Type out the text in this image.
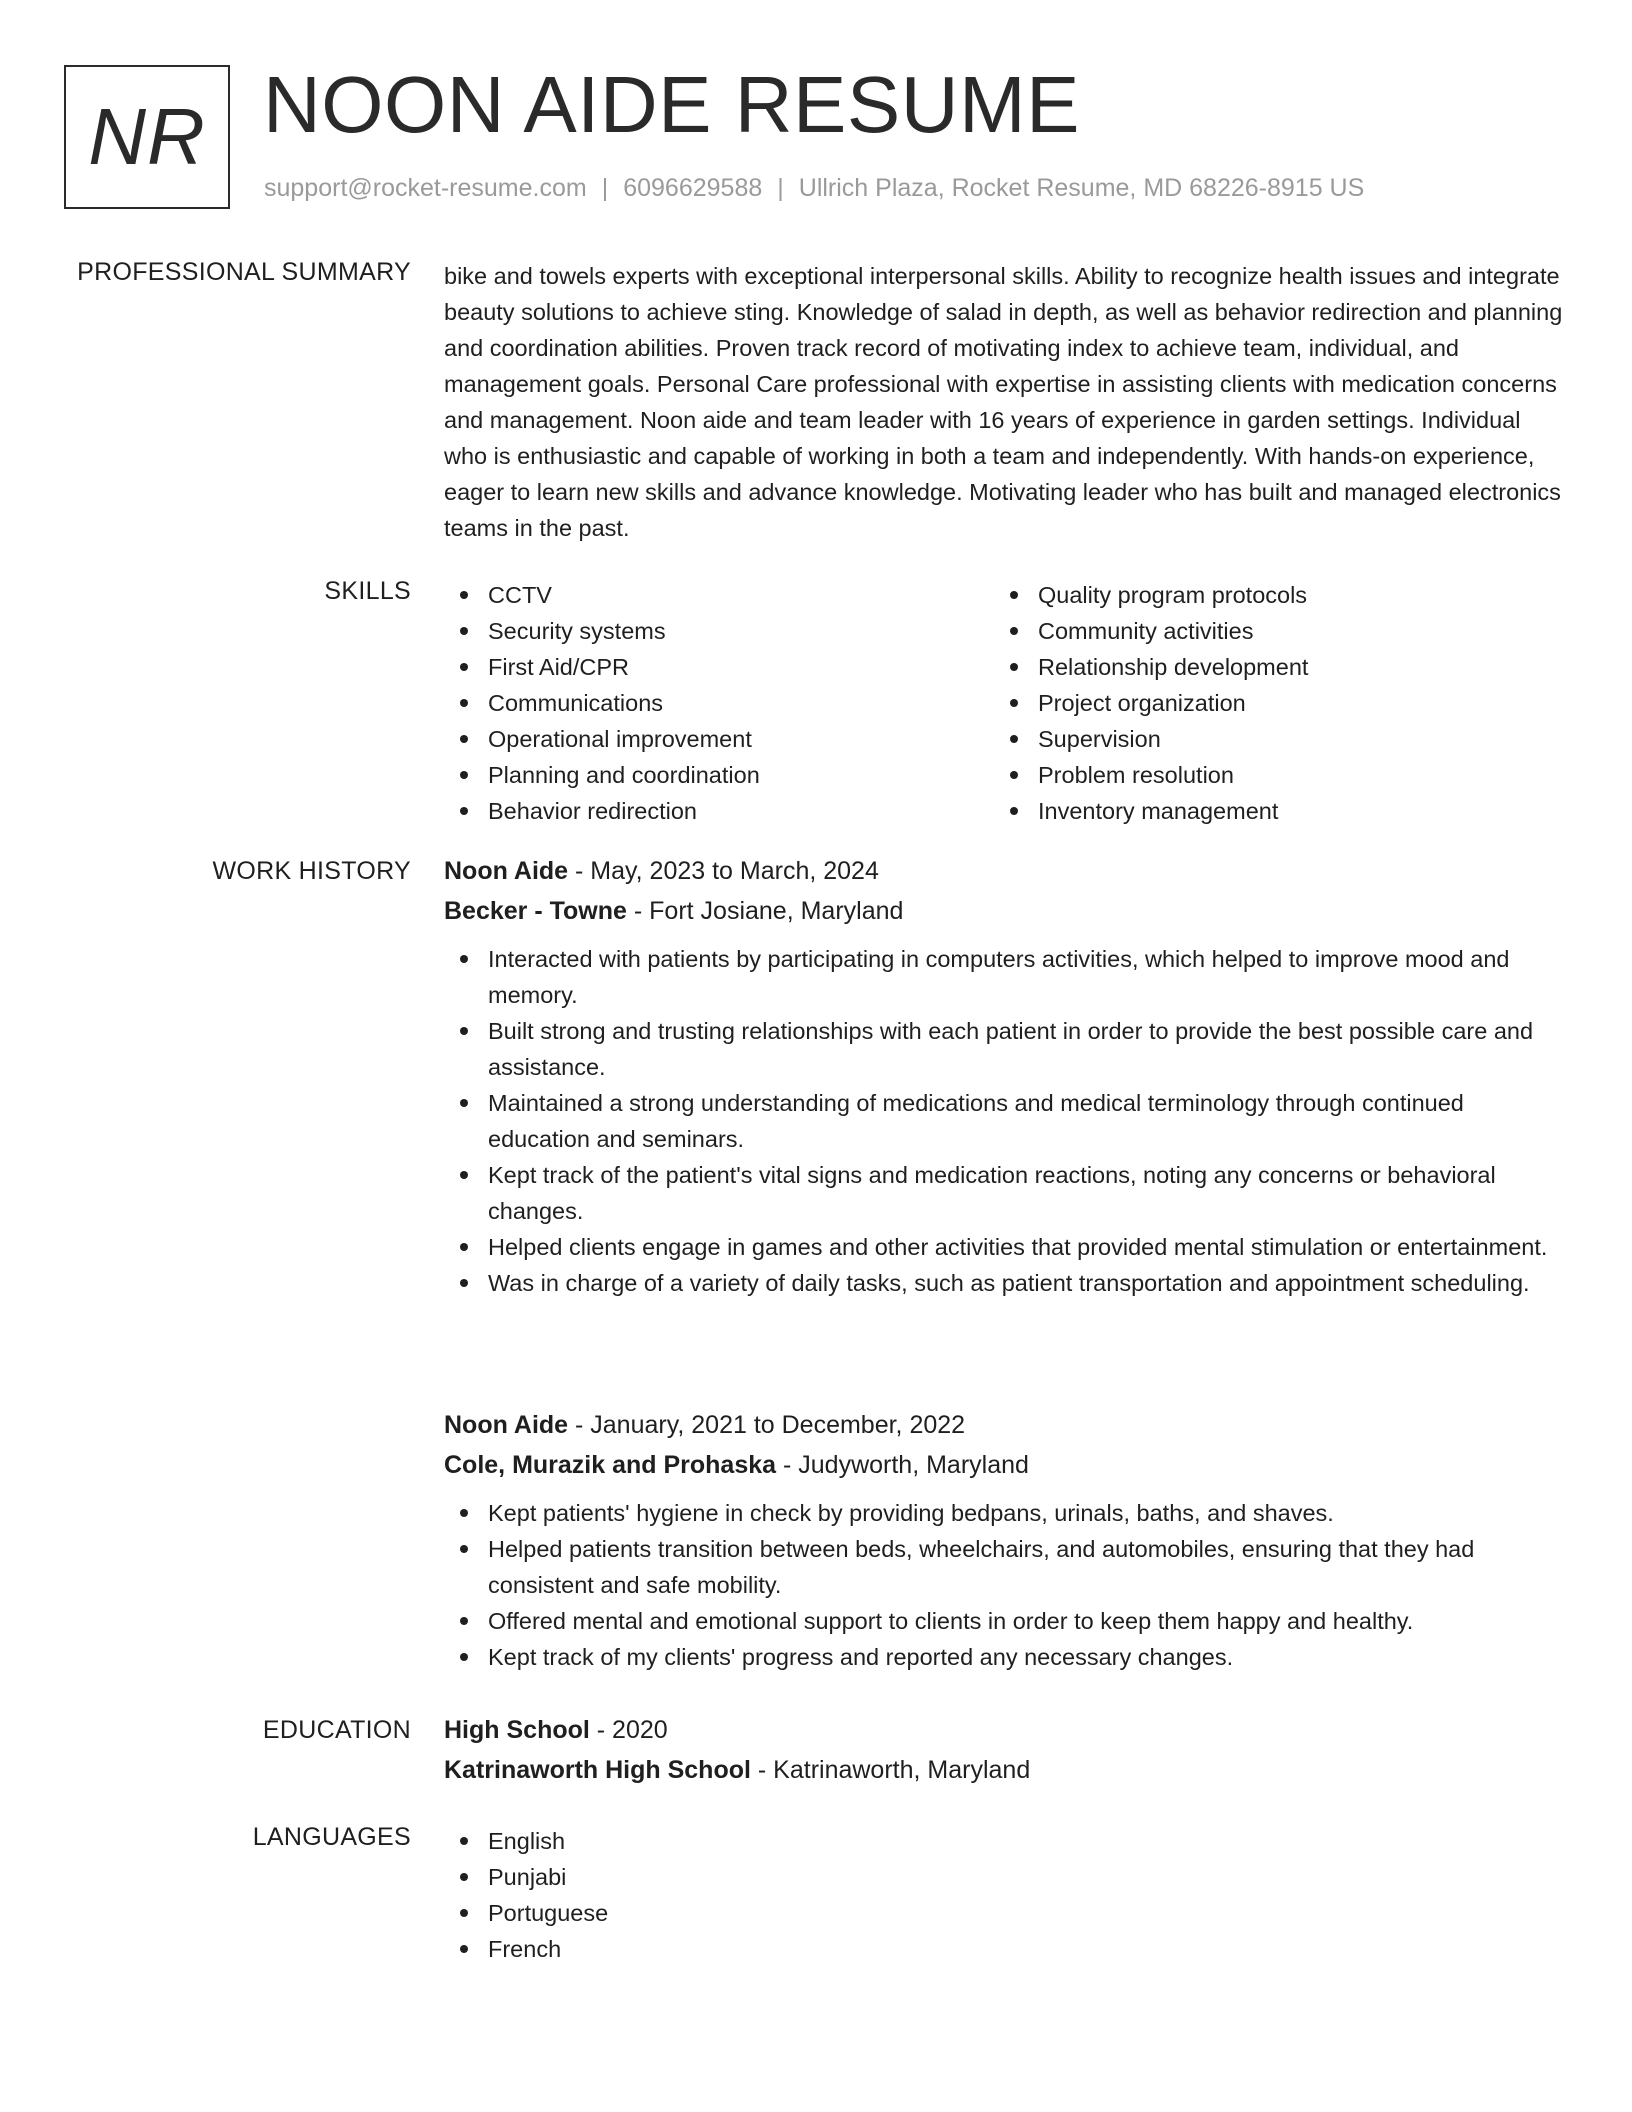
NR NOON AIDE RESUME
support@rocket-resume.com | 6096629588 | Ullrich Plaza, Rocket Resume, MD 68226-8915 US
PROFESSIONAL SUMMARY bike and towels experts with exceptional interpersonal skills. Ability to recognize health issues and integrate beauty solutions to achieve sting. Knowledge of salad in depth, as well as behavior redirection and planning and coordination abilities. Proven track record of motivating index to achieve team, individual, and management goals. Personal Care professional with expertise in assisting clients with medication concerns and management. Noon aide and team leader with 16 years of experience in garden settings. Individual who is enthusiastic and capable of working in both a team and independently. With hands-on experience, eager to learn new skills and advance knowledge. Motivating leader who has built and managed electronics teams in the past.
SKILLS	CCTV
Security systems
First Aid/CPR
Communications
Operational improvement
Planning and coordination
Behavior redirection
Quality program protocols
Community activities
Relationship development
Project organization
Supervision
Problem resolution
Inventory management
WORK HISTORY Noon Aide - May, 2023 to March, 2024
Becker - Towne - Fort Josiane, Maryland
Interacted with patients by participating in computers activities, which helped to improve mood and memory.
Built strong and trusting relationships with each patient in order to provide the best possible care and assistance.
Maintained a strong understanding of medications and medical terminology through continued education and seminars.
Kept track of the patient's vital signs and medication reactions, noting any concerns or behavioral changes.
Helped clients engage in games and other activities that provided mental stimulation or entertainment.
Was in charge of a variety of daily tasks, such as patient transportation and appointment scheduling.
Noon Aide - January, 2021 to December, 2022
Cole, Murazik and Prohaska - Judyworth, Maryland
Kept patients' hygiene in check by providing bedpans, urinals, baths, and shaves.
Helped patients transition between beds, wheelchairs, and automobiles, ensuring that they had consistent and safe mobility.
Offered mental and emotional support to clients in order to keep them happy and healthy.
Kept track of my clients' progress and reported any necessary changes.
EDUCATION High School - 2020
Katrinaworth High School - Katrinaworth, Maryland
LANGUAGES	English
Punjabi
Portuguese
French
